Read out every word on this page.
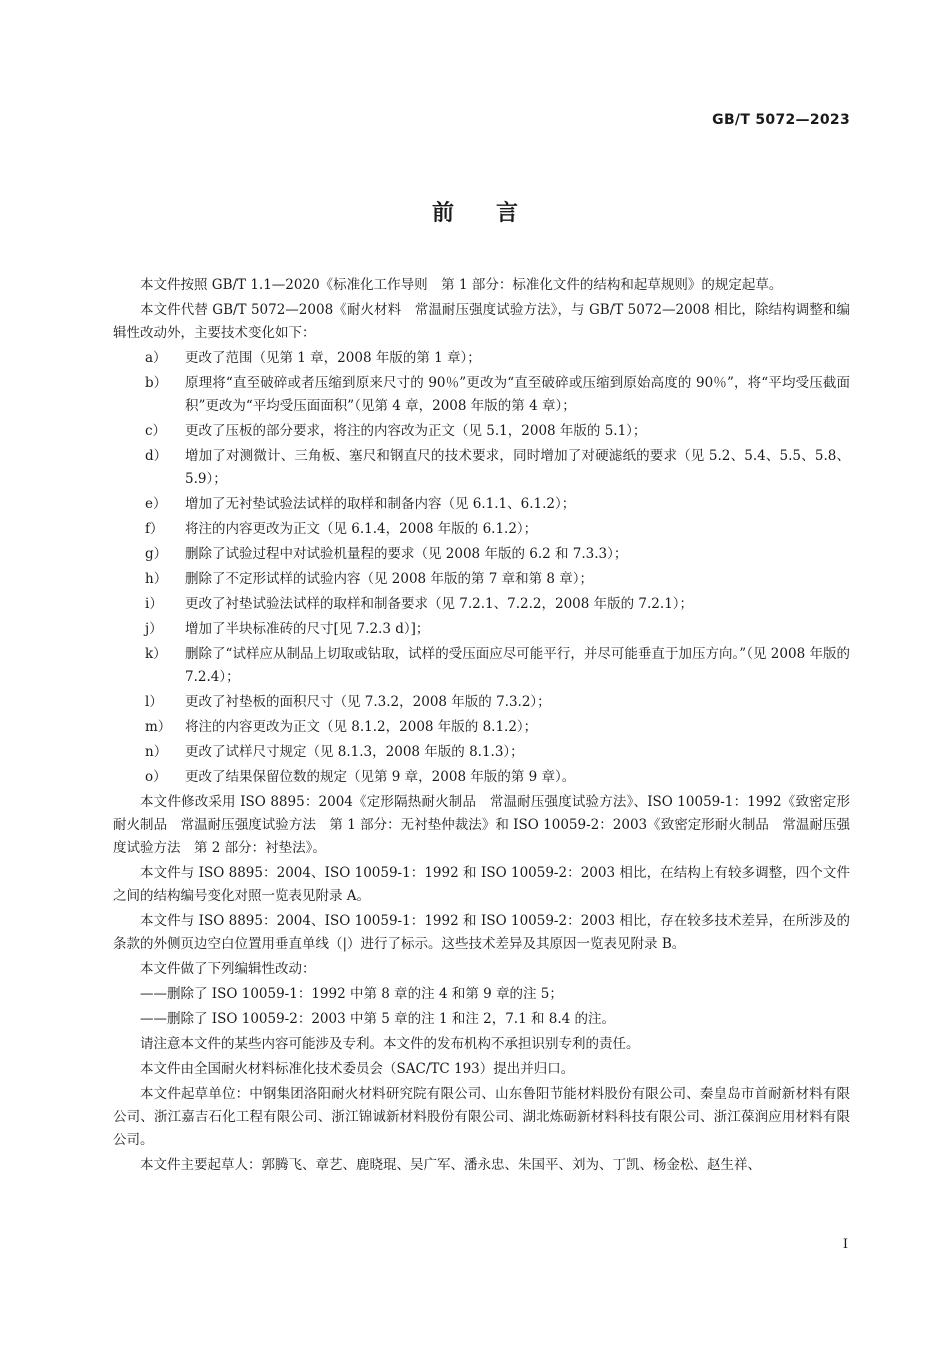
GB/T 5072—2023
前言

本文件按照 GB/T 1.1—2020《标准化工作导则　第 1 部分：标准化文件的结构和起草规则》的规定起草。

本文件代替 GB/T 5072—2008《耐火材料　常温耐压强度试验方法》，与 GB/T 5072—2008 相比，除结构调整和编辑性改动外，主要技术变化如下：

a）	更改了范围（见第 1 章，2008 年版的第 1 章）；
b）	原理将“直至破碎或者压缩到原来尺寸的 90％”更改为“直至破碎或压缩到原始高度的 90％”，将“平均受压截面积”更改为“平均受压面面积”（见第 4 章，2008 年版的第 4 章）；
c）	更改了压板的部分要求，将注的内容改为正文（见 5.1，2008 年版的 5.1）；
d）	增加了对测微计、三角板、塞尺和钢直尺的技术要求，同时增加了对硬滤纸的要求（见 5.2、5.4、5.5、5.8、5.9）；
e）	增加了无衬垫试验法试样的取样和制备内容（见 6.1.1、6.1.2）；
f）	将注的内容更改为正文（见 6.1.4，2008 年版的 6.1.2）；
g）	删除了试验过程中对试验机量程的要求（见 2008 年版的 6.2 和 7.3.3）；
h）	删除了不定形试样的试验内容（见 2008 年版的第 7 章和第 8 章）；
i）	更改了衬垫试验法试样的取样和制备要求（见 7.2.1、7.2.2，2008 年版的 7.2.1）；
j）	增加了半块标准砖的尺寸[见 7.2.3 d）]；
k）	删除了“试样应从制品上切取或钻取，试样的受压面应尽可能平行，并尽可能垂直于加压方向。”（见 2008 年版的 7.2.4）；
l）	更改了衬垫板的面积尺寸（见 7.3.2，2008 年版的 7.3.2）；
m）	将注的内容更改为正文（见 8.1.2，2008 年版的 8.1.2）；
n）	更改了试样尺寸规定（见 8.1.3，2008 年版的 8.1.3）；
o）	更改了结果保留位数的规定（见第 9 章，2008 年版的第 9 章）。

本文件修改采用 ISO 8895：2004《定形隔热耐火制品　常温耐压强度试验方法》、ISO 10059-1：1992《致密定形耐火制品　常温耐压强度试验方法　第 1 部分：无衬垫仲裁法》和 ISO 10059-2：2003《致密定形耐火制品　常温耐压强度试验方法　第 2 部分：衬垫法》。

本文件与 ISO 8895：2004、ISO 10059-1：1992 和 ISO 10059-2：2003 相比，在结构上有较多调整，四个文件之间的结构编号变化对照一览表见附录 A。

本文件与 ISO 8895：2004、ISO 10059-1：1992 和 ISO 10059-2：2003 相比，存在较多技术差异，在所涉及的条款的外侧页边空白位置用垂直单线（|）进行了标示。这些技术差异及其原因一览表见附录 B。

本文件做了下列编辑性改动：

——删除了 ISO 10059-1：1992 中第 8 章的注 4 和第 9 章的注 5；

——删除了 ISO 10059-2：2003 中第 5 章的注 1 和注 2，7.1 和 8.4 的注。

请注意本文件的某些内容可能涉及专利。本文件的发布机构不承担识别专利的责任。

本文件由全国耐火材料标准化技术委员会（SAC/TC 193）提出并归口。

本文件起草单位：中钢集团洛阳耐火材料研究院有限公司、山东鲁阳节能材料股份有限公司、秦皇岛市首耐新材料有限公司、浙江嘉吉石化工程有限公司、浙江锦诚新材料股份有限公司、湖北炼砺新材料科技有限公司、浙江葆润应用材料有限公司。

本文件主要起草人：郭腾飞、章艺、鹿晓琨、吴广军、潘永忠、朱国平、刘为、丁凯、杨金松、赵生祥、

I
